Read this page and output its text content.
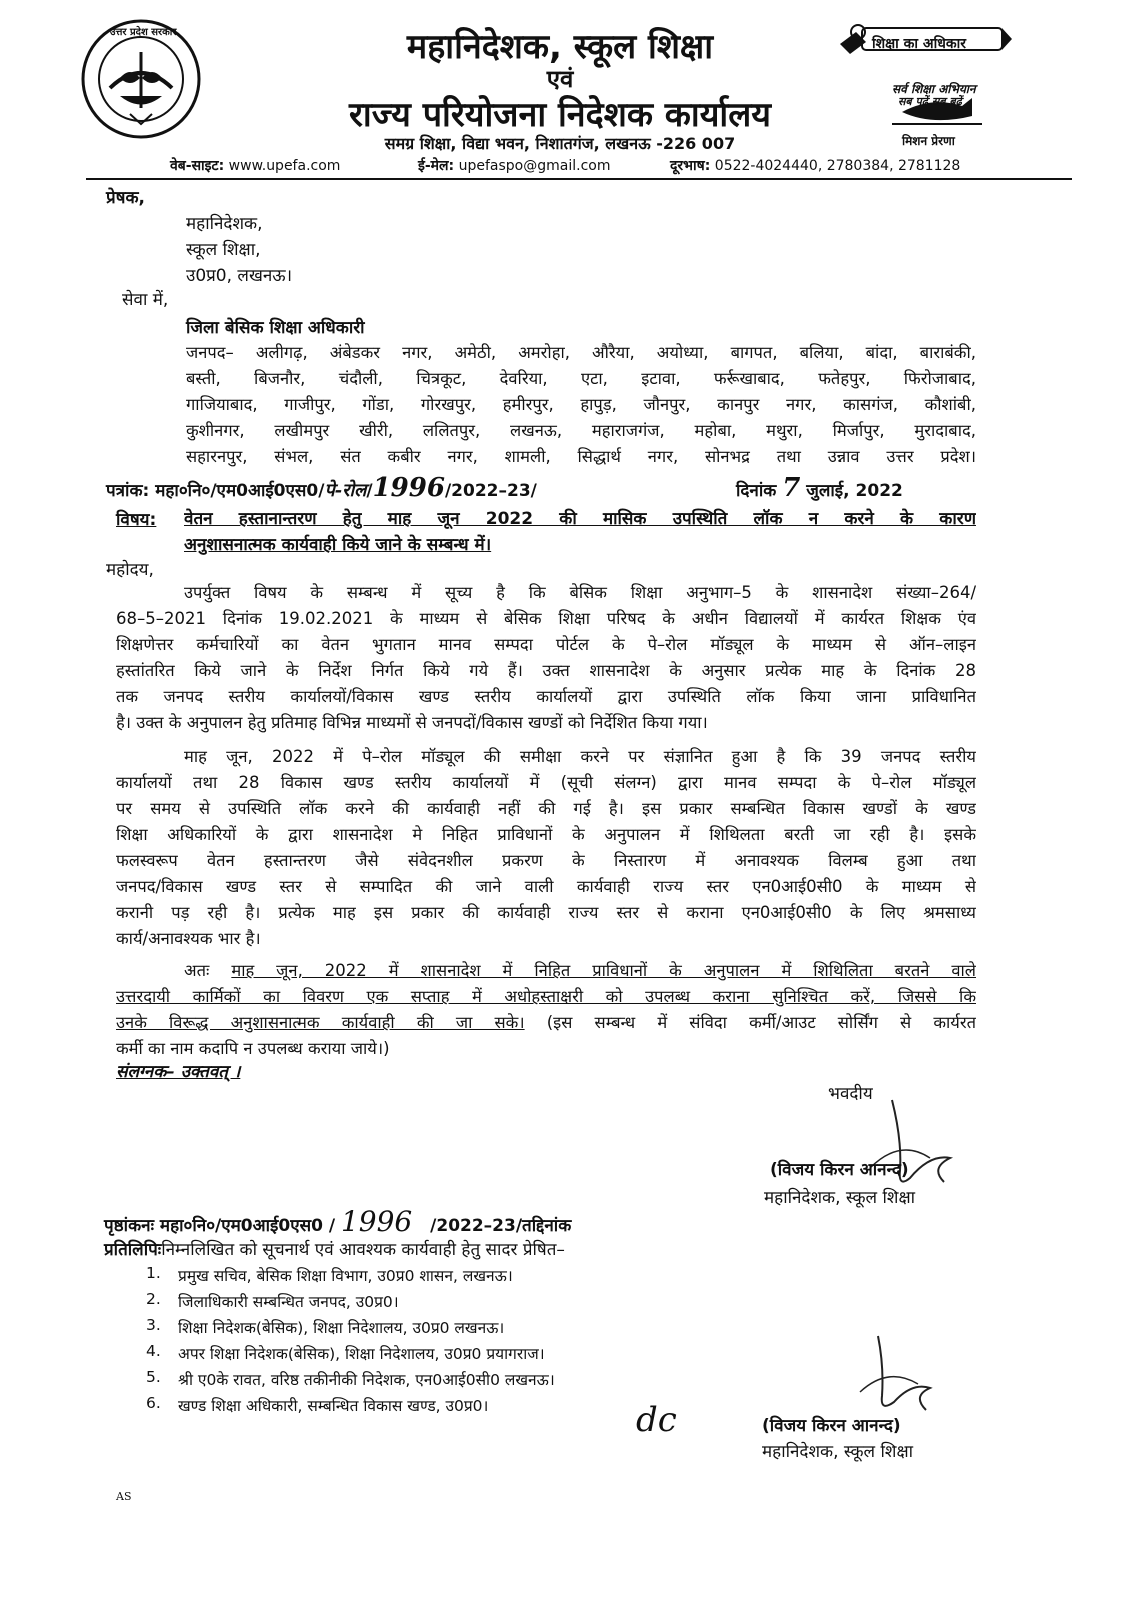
उत्तर प्रदेश सरकार	महानिदेशक, स्कूल शिक्षा
एवं
राज्य परियोजना निदेशक कार्यालय
समग्र शिक्षा, विद्या भवन, निशातगंज, लखनऊ -226 007
वेब-साइट: www.upefa.com	ई-मेल: upefaspo@gmail.com	दूरभाष: 0522-4024440, 2780384, 2781128
शिक्षा का अधिकार
सर्व शिक्षा अभियान
सब पढ़ें सब बढ़ें
मिशन प्रेरणा
प्रेषक,
महानिदेशक,
स्कूल शिक्षा,
उ0प्र0, लखनऊ।
सेवा में,
जिला बेसिक शिक्षा अधिकारी
जनपद– अलीगढ़, अंबेडकर नगर, अमेठी, अमरोहा, औरैया, अयोध्या, बागपत, बलिया, बांदा, बाराबंकी,
बस्ती, बिजनौर, चंदौली, चित्रकूट, देवरिया, एटा, इटावा, फर्रूखाबाद, फतेहपुर, फिरोजाबाद,
गाजियाबाद, गाजीपुर, गोंडा, गोरखपुर, हमीरपुर, हापुड़, जौनपुर, कानपुर नगर, कासगंज, कौशांबी,
कुशीनगर, लखीमपुर खीरी, ललितपुर, लखनऊ, महाराजगंज, महोबा, मथुरा, मिर्जापुर, मुरादाबाद,
सहारनपुर, संभल, संत कबीर नगर, शामली, सिद्धार्थ नगर, सोनभद्र तथा उन्नाव उत्तर प्रदेश।
पत्रांक: महा०नि०/एम0आई0एस0/पे-रोल/1996/2022–23/	दिनांक 7 जुलाई, 2022
विषय: वेतन हस्तानान्तरण हेतु माह जून 2022 की मासिक उपस्थिति लॉक न करने के कारण
अनुशासनात्मक कार्यवाही किये जाने के सम्बन्ध में।
महोदय,
उपर्युक्त विषय के सम्बन्ध में सूच्य है कि बेसिक शिक्षा अनुभाग–5 के शासनादेश संख्या–264/
68–5–2021 दिनांक 19.02.2021 के माध्यम से बेसिक शिक्षा परिषद के अधीन विद्यालयों में कार्यरत शिक्षक एंव
शिक्षणेत्तर कर्मचारियों का वेतन भुगतान मानव सम्पदा पोर्टल के पे–रोल मॉड्यूल के माध्यम से ऑन–लाइन
हस्तांतरित किये जाने के निर्देश निर्गत किये गये हैं। उक्त शासनादेश के अनुसार प्रत्येक माह के दिनांक 28
तक जनपद स्तरीय कार्यालयों/विकास खण्ड स्तरीय कार्यालयों द्वारा उपस्थिति लॉक किया जाना प्राविधानित
है। उक्त के अनुपालन हेतु प्रतिमाह विभिन्न माध्यमों से जनपदों/विकास खण्डों को निर्देशित किया गया।
माह जून, 2022 में पे–रोल मॉड्यूल की समीक्षा करने पर संज्ञानित हुआ है कि 39 जनपद स्तरीय
कार्यालयों तथा 28 विकास खण्ड स्तरीय कार्यालयों में (सूची संलग्न) द्वारा मानव सम्पदा के पे–रोल मॉड्यूल
पर समय से उपस्थिति लॉक करने की कार्यवाही नहीं की गई है। इस प्रकार सम्बन्धित विकास खण्डों के खण्ड
शिक्षा अधिकारियों के द्वारा शासनादेश मे निहित प्राविधानों के अनुपालन में शिथिलता बरती जा रही है। इसके
फलस्वरूप वेतन हस्तान्तरण जैसे संवेदनशील प्रकरण के निस्तारण में अनावश्यक विलम्ब हुआ तथा
जनपद/विकास खण्ड स्तर से सम्पादित की जाने वाली कार्यवाही राज्य स्तर एन0आई0सी0 के माध्यम से
करानी पड़ रही है। प्रत्येक माह इस प्रकार की कार्यवाही राज्य स्तर से कराना एन0आई0सी0 के लिए श्रमसाध्य
कार्य/अनावश्यक भार है।
अतः माह जून, 2022 में शासनादेश में निहित प्राविधानों के अनुपालन में शिथिलिता बरतने वाले
उत्तरदायी कार्मिकों का विवरण एक सप्ताह में अधोहस्ताक्षरी को उपलब्ध कराना सुनिश्चित करें, जिससे कि
उनके विरूद्ध अनुशासनात्मक कार्यवाही की जा सके। (इस सम्बन्ध में संविदा कर्मी/आउट सोर्सिंग से कार्यरत
कर्मी का नाम कदापि न उपलब्ध कराया जाये।)
संलग्नक– उक्तवत् ।
भवदीय
(विजय किरन आनन्द)
महानिदेशक, स्कूल शिक्षा
पृष्ठांकनः महा०नि०/एम0आई0एस0 / 1996 /2022–23/तद्दिनांक
प्रतिलिपिःनिम्नलिखित को सूचनार्थ एवं आवश्यक कार्यवाही हेतु सादर प्रेषित–
1. प्रमुख सचिव, बेसिक शिक्षा विभाग, उ0प्र0 शासन, लखनऊ।
2. जिलाधिकारी सम्बन्धित जनपद, उ0प्र0।
3. शिक्षा निदेशक(बेसिक), शिक्षा निदेशालय, उ0प्र0 लखनऊ।
4. अपर शिक्षा निदेशक(बेसिक), शिक्षा निदेशालय, उ0प्र0 प्रयागराज।
5. श्री ए0के रावत, वरिष्ठ तकीनीकी निदेशक, एन0आई0सी0 लखनऊ।
6. खण्ड शिक्षा अधिकारी, सम्बन्धित विकास खण्ड, उ0प्र0।	dc	(विजय किरन आनन्द)
महानिदेशक, स्कूल शिक्षा
AS
